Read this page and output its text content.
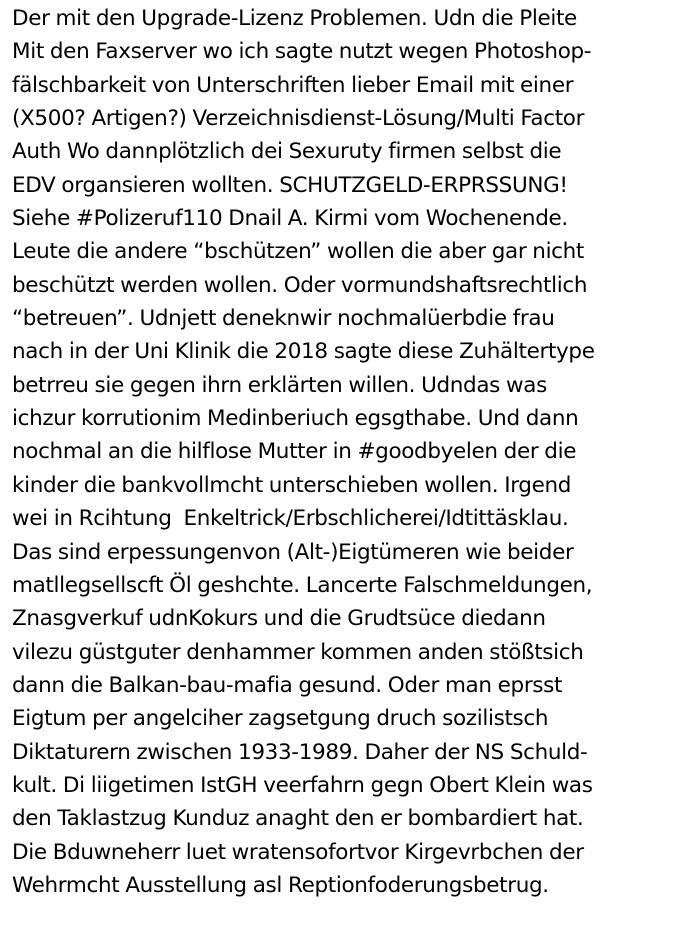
Der mit den Upgrade-Lizenz Problemen. Udn die Pleite
Mit den Faxserver wo ich sagte nutzt wegen Photoshop-
fälschbarkeit von Unterschriften lieber Email mit einer
(X500? Artigen?) Verzeichnisdienst-Lösung/Multi Factor
Auth Wo dannplötzlich dei Sexuruty firmen selbst die
EDV organsieren wollten. SCHUTZGELD-ERPRSSUNG!
Siehe #Polizeruf110 Dnail A. Kirmi vom Wochenende.
Leute die andere “bschützen” wollen die aber gar nicht
beschützt werden wollen. Oder vormundshaftsrechtlich
“betreuen”. Udnjett deneknwir nochmalüerbdie frau
nach in der Uni Klinik die 2018 sagte diese Zuhältertype
betrreu sie gegen ihrn erklärten willen. Udndas was
ichzur korrutionim Medinberiuch egsgthabe. Und dann
nochmal an die hilflose Mutter in #goodbyelen der die
kinder die bankvollmcht unterschieben wollen. Irgend
wei in Rcihtung  Enkeltrick/Erbschlicherei/Idtittäsklau.
Das sind erpessungenvon (Alt-)Eigtümeren wie beider
matllegsellscft Öl geshchte. Lancerte Falschmeldungen,
Znasgverkuf udnKokurs und die Grudtsüce diedann
vilezu güstguter denhammer kommen anden stößtsich
dann die Balkan-bau-mafia gesund. Oder man eprsst
Eigtum per angelciher zagsetgung druch sozilistsch
Diktaturern zwischen 1933-1989. Daher der NS Schuld-
kult. Di liigetimen IstGH veerfahrn gegn Obert Klein was
den Taklastzug Kunduz anaght den er bombardiert hat.
Die Bduwneherr luet wratensofortvor Kirgevrbchen der
Wehrmcht Ausstellung asl Reptionfoderungsbetrug.
